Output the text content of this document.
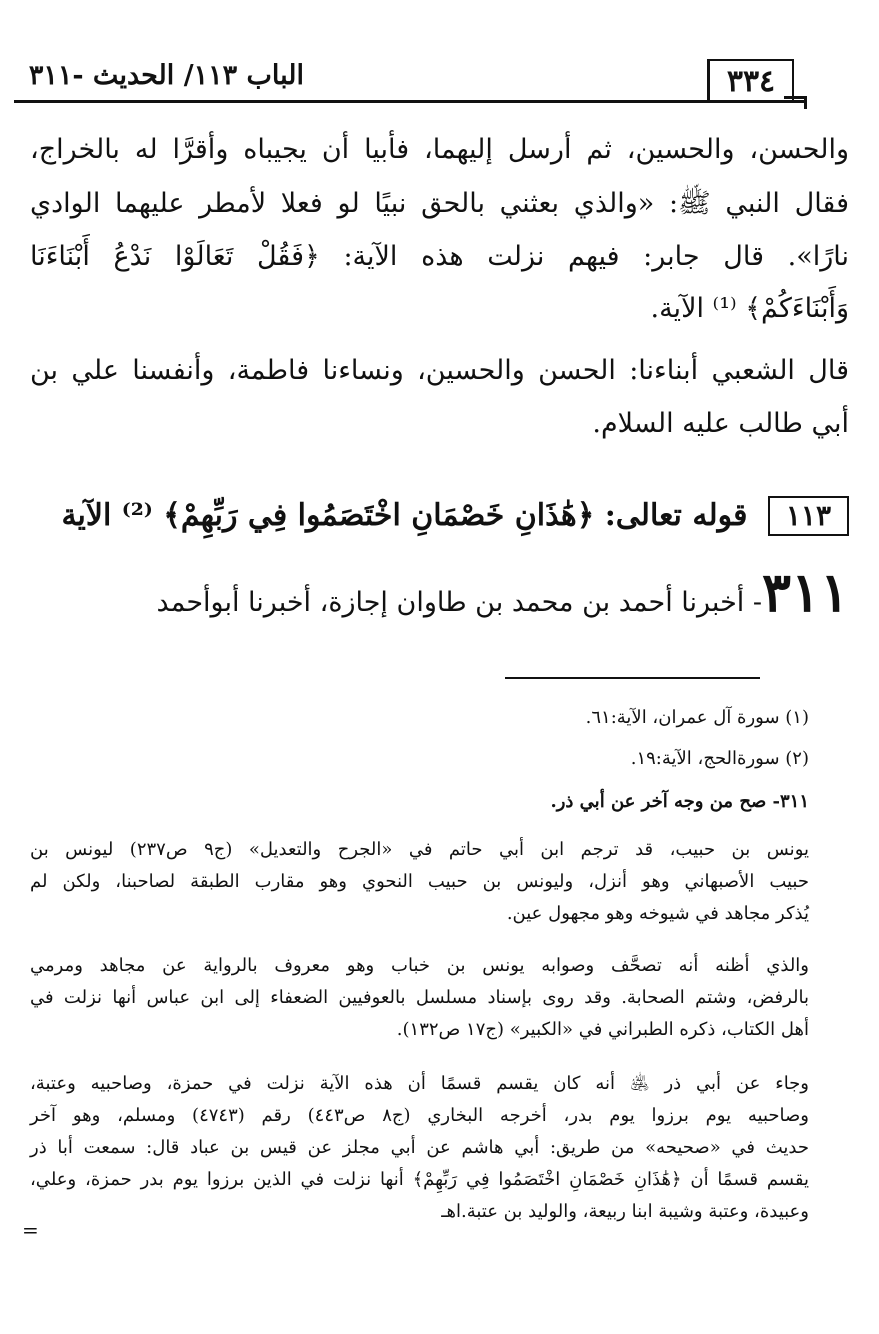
الباب ١١٣/ الحديث -٣١١	٣٣٤
والحسن، والحسين، ثم أرسل إليهما، فأبيا أن يجيباه وأقرَّا له بالخراج،
فقال النبي ﷺ: «والذي بعثني بالحق نبيًا لو فعلا لأمطر عليهما الوادي
نارًا». قال جابر: فيهم نزلت هذه الآية: ﴿فَقُلْ تَعَالَوْا نَدْعُ أَبْنَاءَنَا
وَأَبْنَاءَكُمْ﴾ ⁽¹⁾ الآية.
قال الشعبي أبناءنا: الحسن والحسين، ونساءنا فاطمة، وأنفسنا علي بن
أبي طالب عليه السلام.
١١٣ قوله تعالى: ﴿هَٰذَانِ خَصْمَانِ اخْتَصَمُوا فِي رَبِّهِمْ﴾ ⁽²⁾ الآية
٣١١- أخبرنا أحمد بن محمد بن طاوان إجازة، أخبرنا أبوأحمد
(١) سورة آل عمران، الآية:٦١.
(٢) سورةالحج، الآية:١٩.
٣١١- صح من وجه آخر عن أبي ذر.
يونس بن حبيب، قد ترجم ابن أبي حاتم في «الجرح والتعديل» (ج٩ ص٢٣٧) ليونس بن
حبيب الأصبهاني وهو أنزل، وليونس بن حبيب النحوي وهو مقارب الطبقة لصاحبنا، ولكن لم
يُذكر مجاهد في شيوخه وهو مجهول عين.
والذي أظنه أنه تصحَّف وصوابه يونس بن خباب وهو معروف بالرواية عن مجاهد ومرمي
بالرفض، وشتم الصحابة. وقد روى بإسناد مسلسل بالعوفيين الضعفاء إلى ابن عباس أنها نزلت في
أهل الكتاب، ذكره الطبراني في «الكبير» (ج١٧ ص١٣٢).
وجاء عن أبي ذر ﵁ أنه كان يقسم قسمًا أن هذه الآية نزلت في حمزة، وصاحبيه وعتبة،
وصاحبيه يوم برزوا يوم بدر، أخرجه البخاري (ج٨ ص٤٤٣) رقم (٤٧٤٣) ومسلم، وهو آخر
حديث في «صحيحه» من طريق: أبي هاشم عن أبي مجلز عن قيس بن عباد قال: سمعت أبا ذر
يقسم قسمًا أن ﴿هَٰذَانِ خَصْمَانِ اخْتَصَمُوا فِي رَبِّهِمْ﴾ أنها نزلت في الذين برزوا يوم بدر حمزة، وعلي،
وعبيدة، وعتبة وشيبة ابنا ربيعة، والوليد بن عتبة.اهـ
=
